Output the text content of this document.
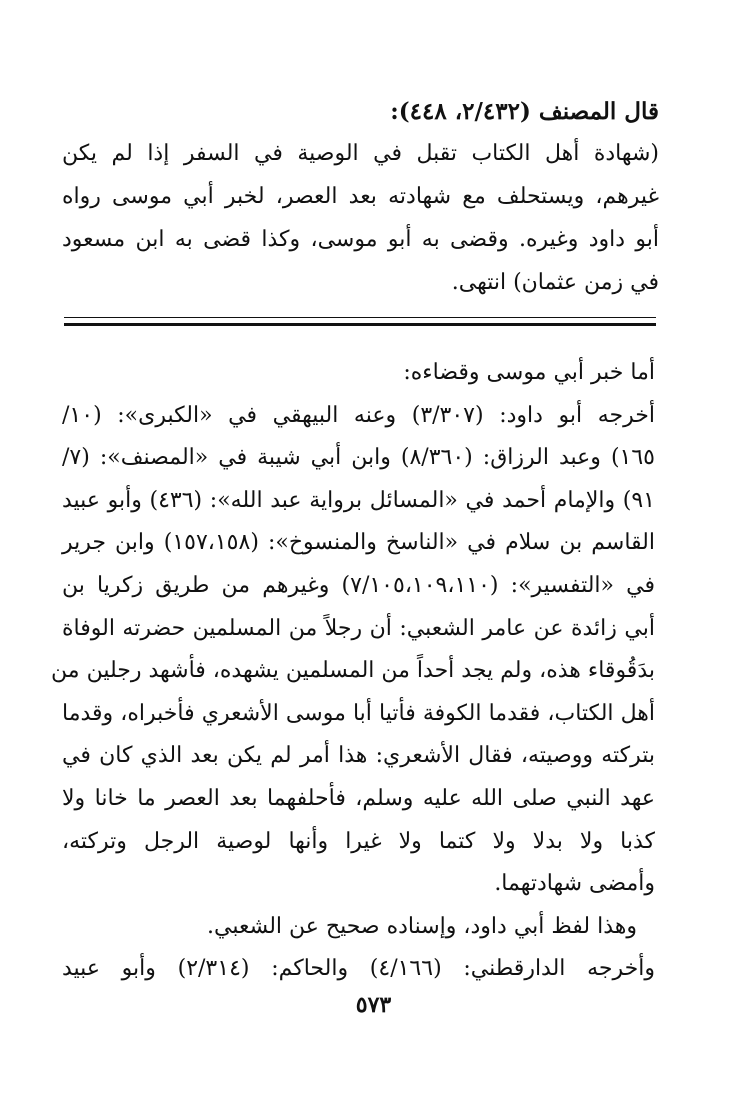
قال المصنف (٢/٤٣٢، ٤٤٨):

(شهادة أهل الكتاب تقبل في الوصية في السفر إذا لم يكن

غيرهم، ويستحلف مع شهادته بعد العصر، لخبر أبي موسى رواه

أبو داود وغيره. وقضى به أبو موسى، وكذا قضى به ابن مسعود

في زمن عثمان) انتهى.

أما خبر أبي موسى وقضاءه:

أخرجه أبو داود: (٣/٣٠٧) وعنه البيهقي في «الكبرى»: (١٠/

١٦٥) وعبد الرزاق: (٨/٣٦٠) وابن أبي شيبة في «المصنف»: (٧/

٩١) والإمام أحمد في «المسائل برواية عبد الله»: (٤٣٦) وأبو عبيد

القاسم بن سلام في «الناسخ والمنسوخ»: (١٥٧،١٥٨) وابن جرير

في «التفسير»: (٧/١٠٥،١٠٩،١١٠) وغيرهم من طريق زكريا بن

أبي زائدة عن عامر الشعبي: أن رجلاً من المسلمين حضرته الوفاة

بدَقُوقاء هذه، ولم يجد أحداً من المسلمين يشهده، فأشهد رجلين من

أهل الكتاب، فقدما الكوفة فأتيا أبا موسى الأشعري فأخبراه، وقدما

بتركته ووصيته، فقال الأشعري: هذا أمر لم يكن بعد الذي كان في

عهد النبي صلى الله عليه وسلم، فأحلفهما بعد العصر ما خانا ولا

كذبا ولا بدلا ولا كتما ولا غيرا وأنها لوصية الرجل وتركته،

وأمضى شهادتهما.

وهذا لفظ أبي داود، وإسناده صحيح عن الشعبي.

وأخرجه الدارقطني: (٤/١٦٦) والحاكم: (٢/٣١٤) وأبو عبيد

٥٧٣
